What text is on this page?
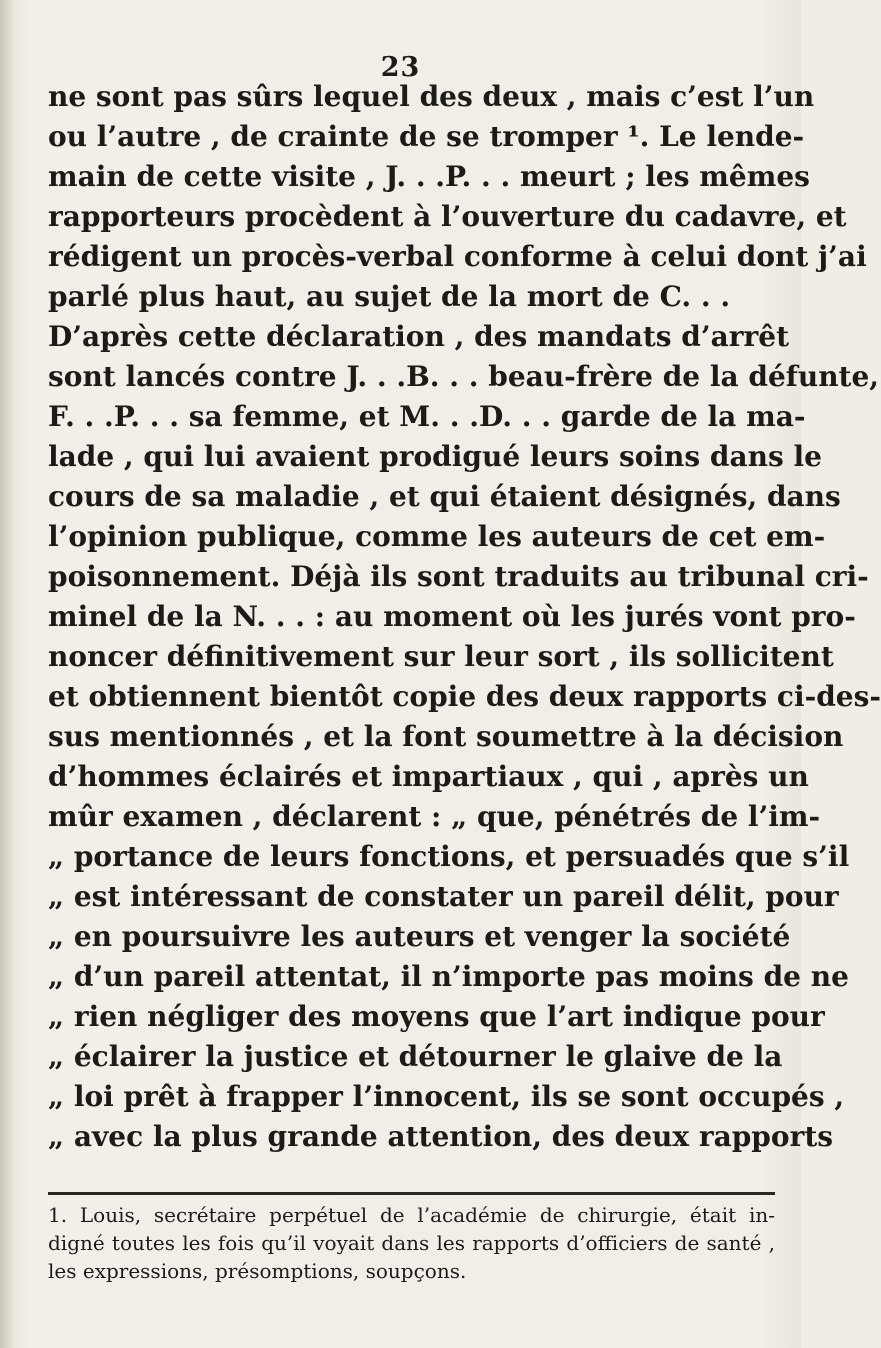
23
ne sont pas sûrs lequel des deux , mais c’est l’un
ou l’autre , de crainte de se tromper ¹. Le lende-
main de cette visite , J. . .P. . . meurt ; les mêmes
rapporteurs procèdent à l’ouverture du cadavre, et
rédigent un procès-verbal conforme à celui dont j’ai
parlé plus haut, au sujet de la mort de C. . .
D’après cette déclaration , des mandats d’arrêt
sont lancés contre J. . .B. . . beau-frère de la défunte,
F. . .P. . . sa femme, et M. . .D. . . garde de la ma-
lade , qui lui avaient prodigué leurs soins dans le
cours de sa maladie , et qui étaient désignés, dans
l’opinion publique, comme les auteurs de cet em-
poisonnement. Déjà ils sont traduits au tribunal cri-
minel de la N. . . : au moment où les jurés vont pro-
noncer définitivement sur leur sort , ils sollicitent
et obtiennent bientôt copie des deux rapports ci-des-
sus mentionnés , et la font soumettre à la décision
d’hommes éclairés et impartiaux , qui , après un
mûr examen , déclarent : „ que, pénétrés de l’im-
„ portance de leurs fonctions, et persuadés que s’il
„ est intéressant de constater un pareil délit, pour
„ en poursuivre les auteurs et venger la société
„ d’un pareil attentat, il n’importe pas moins de ne
„ rien négliger des moyens que l’art indique pour
„ éclairer la justice et détourner le glaive de la
„ loi prêt à frapper l’innocent, ils se sont occupés ,
„ avec la plus grande attention, des deux rapports
1. Louis, secrétaire perpétuel de l’académie de chirurgie, était in-
digné toutes les fois qu’il voyait dans les rapports d’officiers de santé ,
les expressions, présomptions, soupçons.
